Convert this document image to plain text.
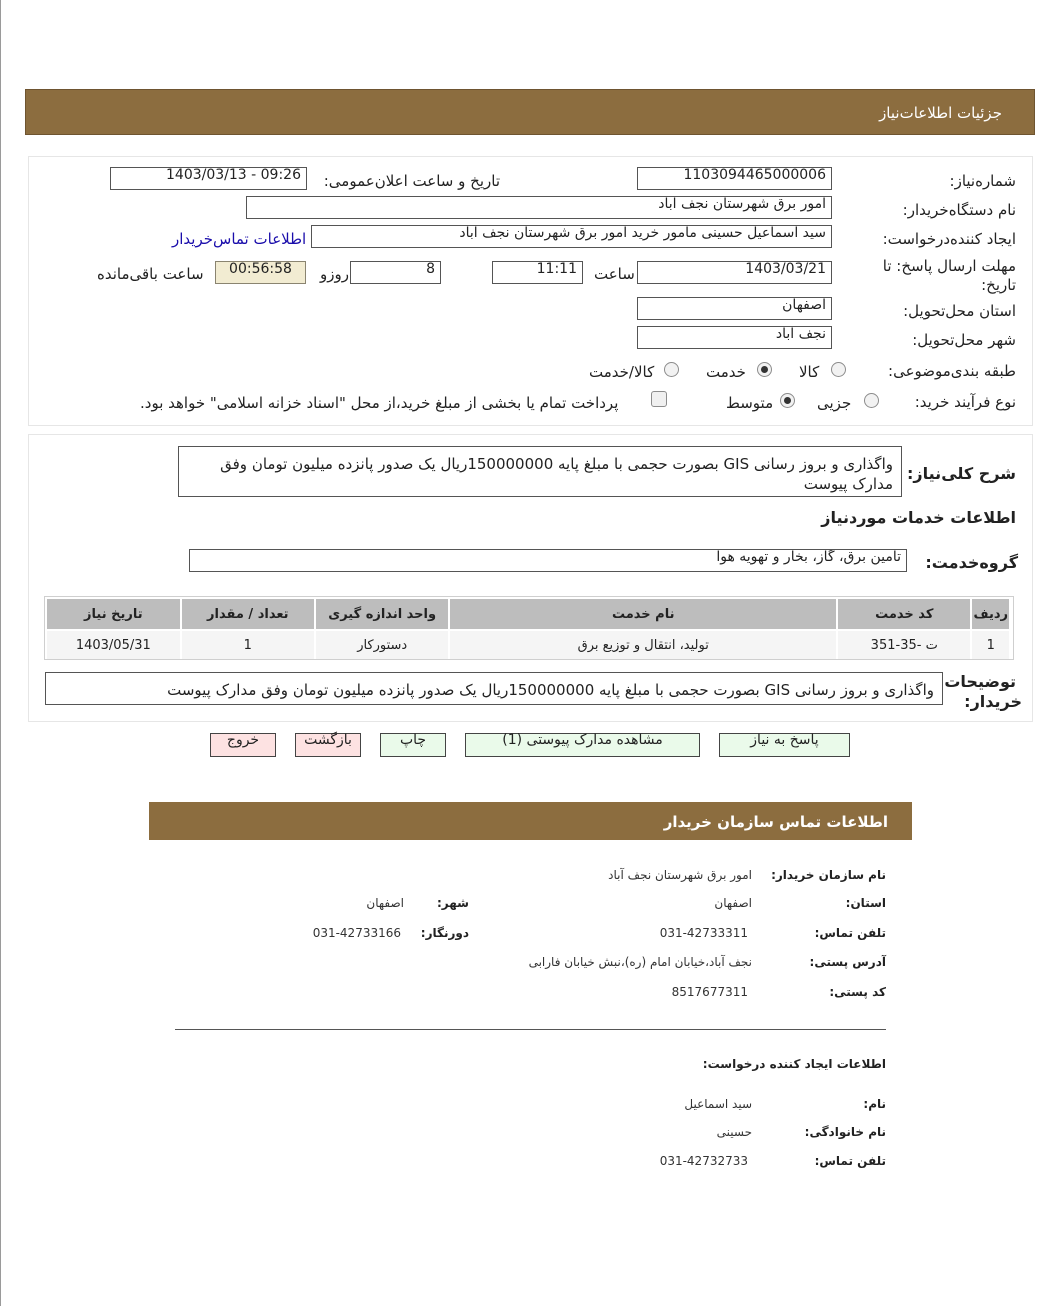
جزئیات اطلاعات‌نیاز
شماره‌نیاز:
1103094465000006
تاریخ و ساعت اعلان‌عمومی:
1403/03/13 - 09:26
نام دستگاه‌خریدار:
امور برق شهرستان نجف اباد
ایجاد کننده‌درخواست:
سید اسماعیل حسینی مامور خرید امور برق شهرستان نجف اباد
اطلاعات تماس‌خریدار
مهلت ارسال پاسخ: تا
تاریخ:
1403/03/21
ساعت
11:11
8
روزو
00:56:58
ساعت باقی‌مانده
استان محل‌تحویل:
اصفهان
شهر محل‌تحویل:
نجف اباد
طبقه بندی‌موضوعی:
کالا
خدمت
کالا/خدمت
نوع فرآیند خرید:
جزیی
متوسط
پرداخت تمام یا بخشی از مبلغ خرید،از محل "اسناد خزانه اسلامی" خواهد بود.
شرح کلی‌نیاز:
واگذاری و بروز رسانی GIS بصورت حجمی با مبلغ پایه 150000000ریال یک صدور پانزده میلیون تومان وفق مدارک پیوست
اطلاعات خدمات موردنیاز
گروه‌خدمت:
تامین برق، گاز، بخار و تهویه هوا
ردیف	کد خدمت	نام خدمت	واحد اندازه گیری	تعداد / مقدار	تاریخ نیاز
1	ت -35-351	تولید، انتقال و توزیع برق	دستورکار	1	1403/05/31
توضیحات
خریدار:
واگذاری و بروز رسانی GIS بصورت حجمی با مبلغ پایه 150000000ریال یک صدور پانزده میلیون تومان وفق مدارک پیوست
پاسخ به نیاز
مشاهده مدارک پیوستی (1)
چاپ
بازگشت
خروج
اطلاعات تماس سازمان خریدار
نام سازمان خریدار:
امور برق شهرستان نجف آباد
استان:
اصفهان
شهر:
اصفهان
تلفن تماس:
031-42733311
دورنگار:
031-42733166
آدرس پستی:
نجف آباد،خیابان امام (ره)،نبش خیابان فارابی
کد پستی:
8517677311
اطلاعات ایجاد کننده درخواست:
نام:
سید اسماعیل
نام خانوادگی:
حسینی
تلفن تماس:
031-42732733
